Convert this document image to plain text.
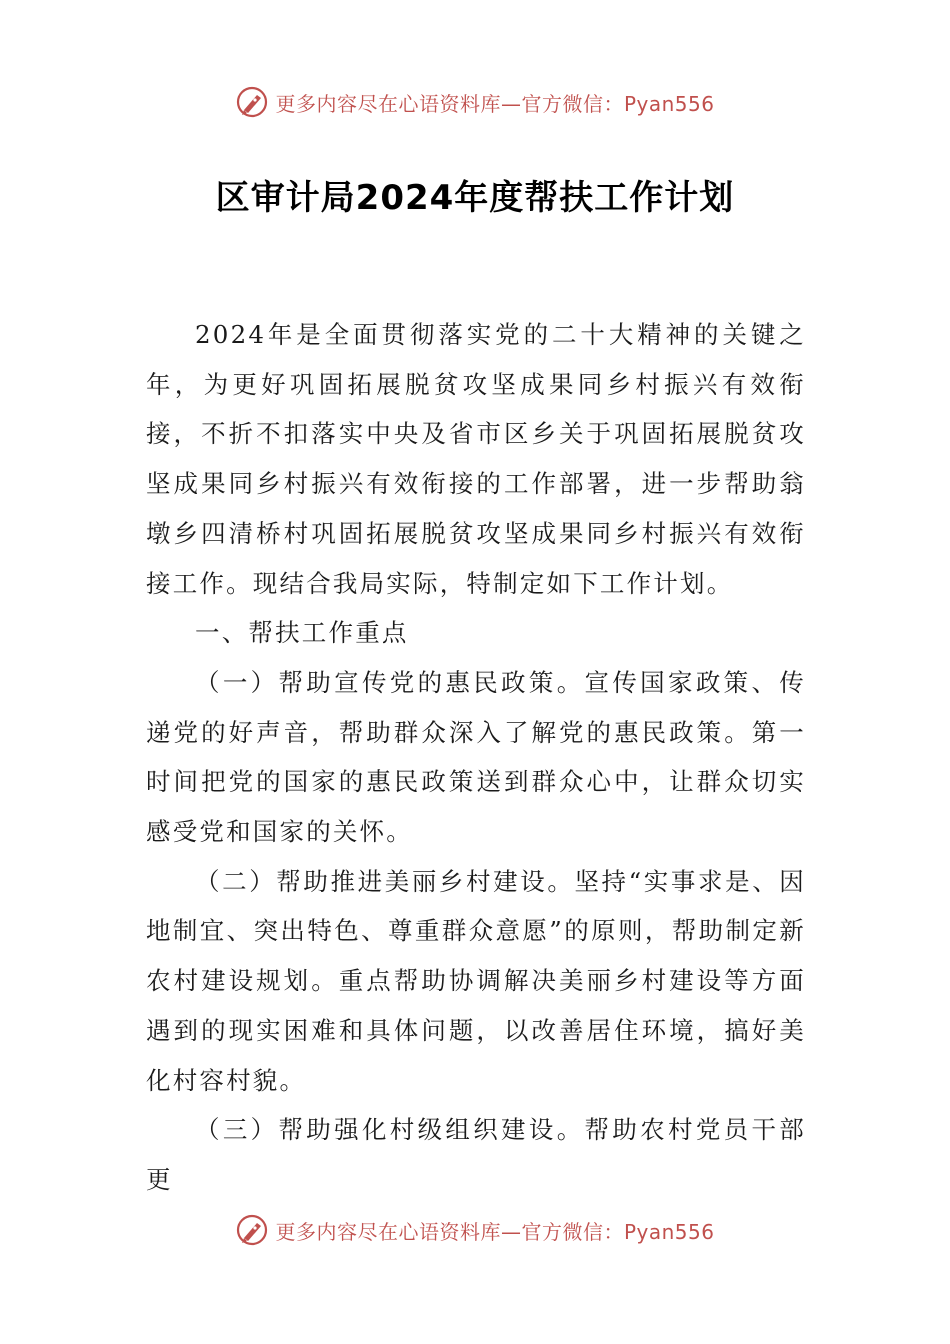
更多内容尽在心语资料库—官方微信：Pyan556
区审计局2024年度帮扶工作计划

2024年是全面贯彻落实党的二十大精神的关键之年，为更好巩固拓展脱贫攻坚成果同乡村振兴有效衔接，不折不扣落实中央及省市区乡关于巩固拓展脱贫攻坚成果同乡村振兴有效衔接的工作部署，进一步帮助翁墩乡四清桥村巩固拓展脱贫攻坚成果同乡村振兴有效衔接工作。现结合我局实际，特制定如下工作计划。

一、帮扶工作重点

（一）帮助宣传党的惠民政策。宣传国家政策、传递党的好声音，帮助群众深入了解党的惠民政策。第一时间把党的国家的惠民政策送到群众心中，让群众切实感受党和国家的关怀。

（二）帮助推进美丽乡村建设。坚持“实事求是、因地制宜、突出特色、尊重群众意愿”的原则，帮助制定新农村建设规划。重点帮助协调解决美丽乡村建设等方面遇到的现实困难和具体问题，以改善居住环境，搞好美化村容村貌。

（三）帮助强化村级组织建设。帮助农村党员干部更

更多内容尽在心语资料库—官方微信：Pyan556
